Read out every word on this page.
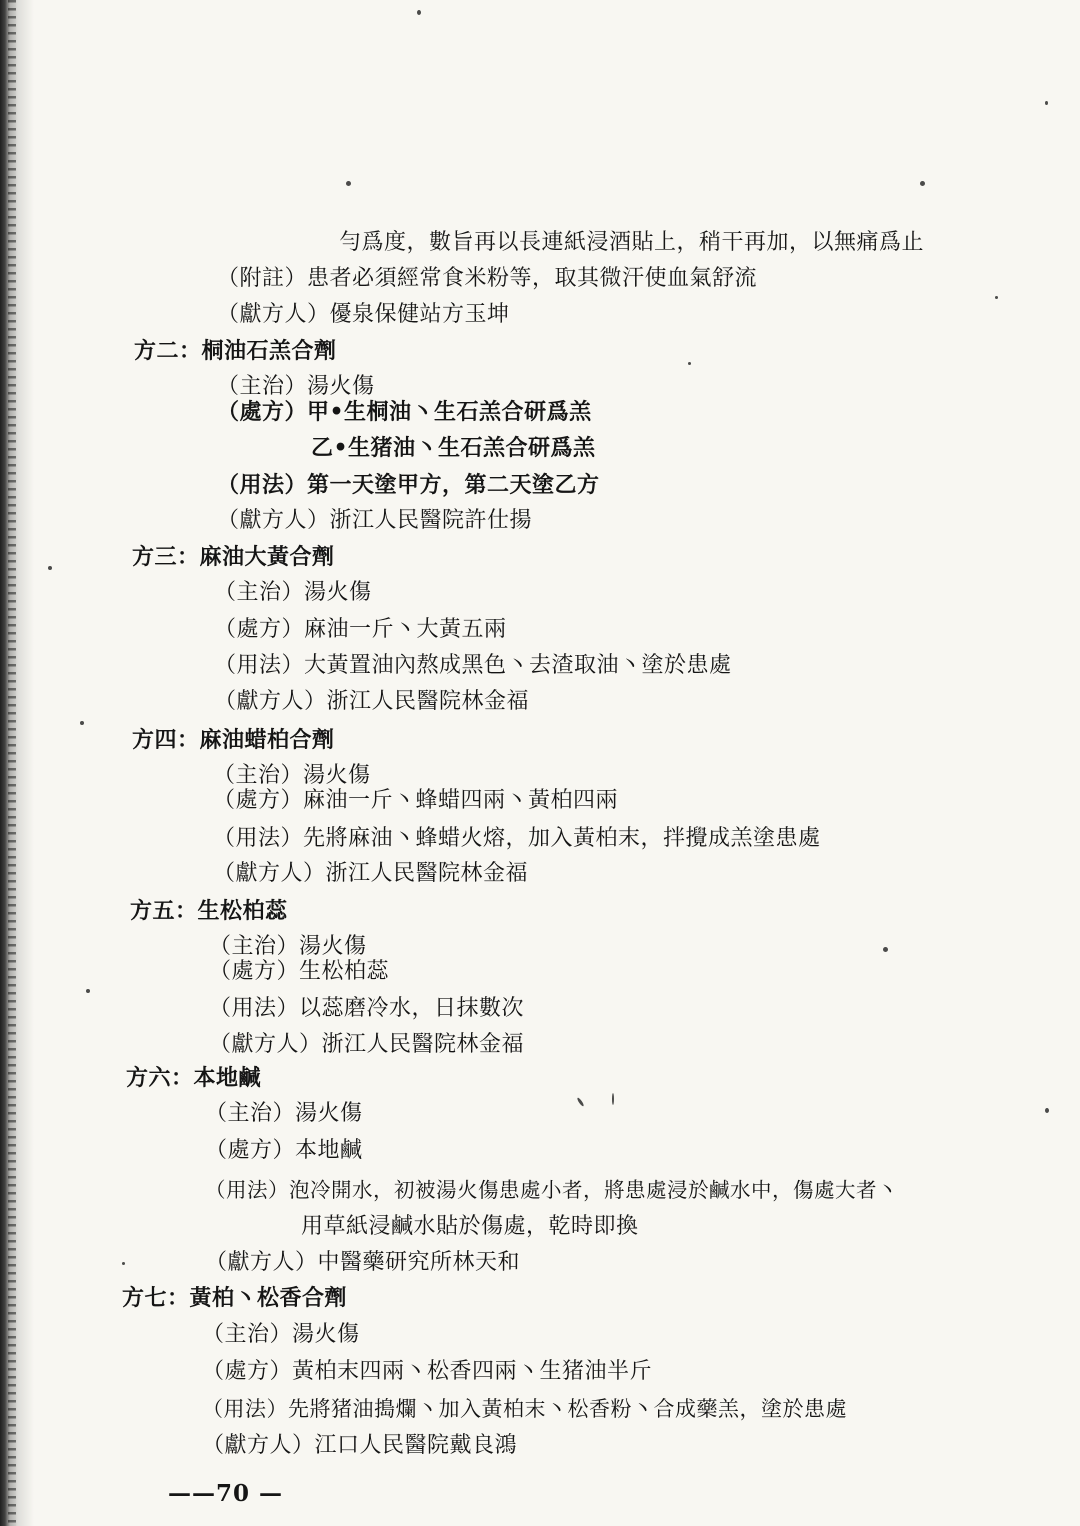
勻爲度，數旨再以長連紙浸酒貼上，稍干再加，以無痛爲止
（附註）患者必須經常食米粉等，取其微汗使血氣舒流
（獻方人）優泉保健站方玉坤
方二：桐油石羔合劑
（主治）湯火傷
（處方）甲•生桐油丶生石羔合研爲羔
乙•生猪油丶生石羔合研爲羔
（用法）第一天塗甲方，第二天塗乙方
（獻方人）浙江人民醫院許仕揚
方三：麻油大黃合劑
（主治）湯火傷
（處方）麻油一斤丶大黃五兩
（用法）大黃置油內熬成黑色丶去渣取油丶塗於患處
（獻方人）浙江人民醫院林金福
方四：麻油蜡柏合劑
（主治）湯火傷
（處方）麻油一斤丶蜂蜡四兩丶黃柏四兩
（用法）先將麻油丶蜂蜡火熔，加入黃柏末，拌攪成羔塗患處
（獻方人）浙江人民醫院林金福
方五：生松柏蕊
（主治）湯火傷
（處方）生松柏蕊
（用法）以蕊磨冷水，日抹數次
（獻方人）浙江人民醫院林金福
方六：本地鹹
（主治）湯火傷
（處方）本地鹹
（用法）泡冷開水，初被湯火傷患處小者，將患處浸於鹹水中，傷處大者丶
用草紙浸鹹水貼於傷處，乾時即換
（獻方人）中醫藥研究所林天和
方七：黃柏丶松香合劑
（主治）湯火傷
（處方）黃柏末四兩丶松香四兩丶生猪油半斤
（用法）先將猪油搗爛丶加入黃柏末丶松香粉丶合成藥羔，塗於患處
（獻方人）江口人民醫院戴良鴻
——70 —
